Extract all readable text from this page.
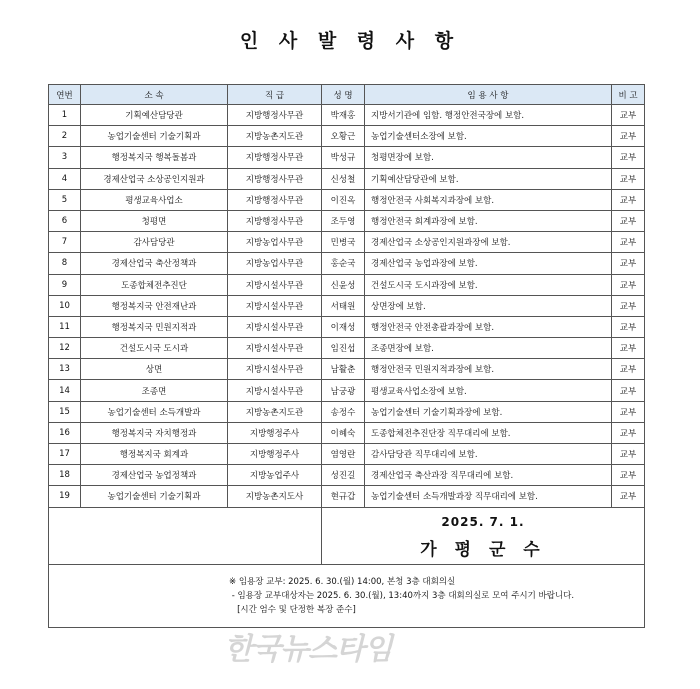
인 사 발 령 사 항
연번	소 속	직 급	성 명	임 용 사 항	비 고
1	기획예산담당관	지방행정사무관	박재홍	지방서기관에 임함. 행정안전국장에 보함.	교부
2	농업기술센터 기술기획과	지방농촌지도관	오황근	농업기술센터소장에 보함.	교부
3	행정복지국 행복돌봄과	지방행정사무관	박성규	청평면장에 보함.	교부
4	경제산업국 소상공인지원과	지방행정사무관	신성철	기획예산담당관에 보함.	교부
5	평생교육사업소	지방행정사무관	이진옥	행정안전국 사회복지과장에 보함.	교부
6	청평면	지방행정사무관	조두영	행정안전국 회계과장에 보함.	교부
7	감사담당관	지방농업사무관	민병국	경제산업국 소상공인지원과장에 보함.	교부
8	경제산업국 축산정책과	지방농업사무관	홍순국	경제산업국 농업과장에 보함.	교부
9	도종합체전추진단	지방시설사무관	신윤성	건설도시국 도시과장에 보함.	교부
10	행정복지국 안전재난과	지방시설사무관	서태원	상면장에 보함.	교부
11	행정복지국 민원지적과	지방시설사무관	이재성	행정안전국 안전총괄과장에 보함.	교부
12	건설도시국 도시과	지방시설사무관	임진섭	조종면장에 보함.	교부
13	상면	지방시설사무관	남활춘	행정안전국 민원지적과장에 보함.	교부
14	조종면	지방시설사무관	남궁광	평생교육사업소장에 보함.	교부
15	농업기술센터 소득개발과	지방농촌지도관	송정수	농업기술센터 기술기획과장에 보함.	교부
16	행정복지국 자치행정과	지방행정주사	이혜숙	도종합체전추진단장 직무대리에 보함.	교부
17	행정복지국 회계과	지방행정주사	염영란	감사담당관 직무대리에 보함.	교부
18	경제산업국 농업정책과	지방농업주사	성진길	경제산업국 축산과장 직무대리에 보함.	교부
19	농업기술센터 기술기획과	지방농촌지도사	현규갑	농업기술센터 소득개발과장 직무대리에 보함.	교부

			2025. 7. 1.
가 평 군 수		

※ 임용장 교부: 2025. 6. 30.(월) 14:00, 본청 3층 대회의실
- 임용장 교부대상자는 2025. 6. 30.(월), 13:40까지 3층 대회의실로 모여 주시기 바랍니다.
[시간 엄수 및 단정한 복장 준수]					
한국뉴스타임
